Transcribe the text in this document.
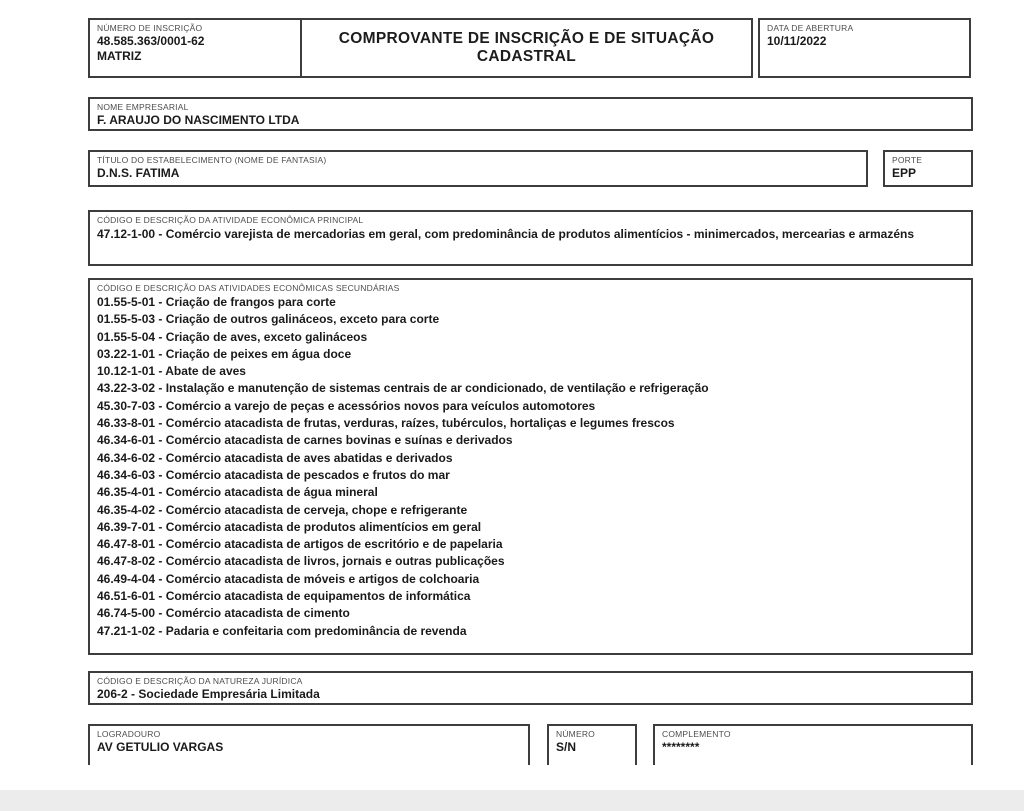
NÚMERO DE INSCRIÇÃO
48.585.363/0001-62
MATRIZ
COMPROVANTE DE INSCRIÇÃO E DE SITUAÇÃO
CADASTRAL
DATA DE ABERTURA
10/11/2022
NOME EMPRESARIAL
F. ARAUJO DO NASCIMENTO LTDA
TÍTULO DO ESTABELECIMENTO (NOME DE FANTASIA)
D.N.S. FATIMA
PORTE
EPP
CÓDIGO E DESCRIÇÃO DA ATIVIDADE ECONÔMICA PRINCIPAL
47.12-1-00 - Comércio varejista de mercadorias em geral, com predominância de produtos alimentícios - minimercados, mercearias e armazéns
CÓDIGO E DESCRIÇÃO DAS ATIVIDADES ECONÔMICAS SECUNDÁRIAS
01.55-5-01 - Criação de frangos para corte
01.55-5-03 - Criação de outros galináceos, exceto para corte
01.55-5-04 - Criação de aves, exceto galináceos
03.22-1-01 - Criação de peixes em água doce
10.12-1-01 - Abate de aves
43.22-3-02 - Instalação e manutenção de sistemas centrais de ar condicionado, de ventilação e refrigeração
45.30-7-03 - Comércio a varejo de peças e acessórios novos para veículos automotores
46.33-8-01 - Comércio atacadista de frutas, verduras, raízes, tubérculos, hortaliças e legumes frescos
46.34-6-01 - Comércio atacadista de carnes bovinas e suínas e derivados
46.34-6-02 - Comércio atacadista de aves abatidas e derivados
46.34-6-03 - Comércio atacadista de pescados e frutos do mar
46.35-4-01 - Comércio atacadista de água mineral
46.35-4-02 - Comércio atacadista de cerveja, chope e refrigerante
46.39-7-01 - Comércio atacadista de produtos alimentícios em geral
46.47-8-01 - Comércio atacadista de artigos de escritório e de papelaria
46.47-8-02 - Comércio atacadista de livros, jornais e outras publicações
46.49-4-04 - Comércio atacadista de móveis e artigos de colchoaria
46.51-6-01 - Comércio atacadista de equipamentos de informática
46.74-5-00 - Comércio atacadista de cimento
47.21-1-02 - Padaria e confeitaria com predominância de revenda
CÓDIGO E DESCRIÇÃO DA NATUREZA JURÍDICA
206-2 - Sociedade Empresária Limitada
LOGRADOURO
AV GETULIO VARGAS
NÚMERO
S/N
COMPLEMENTO
********
